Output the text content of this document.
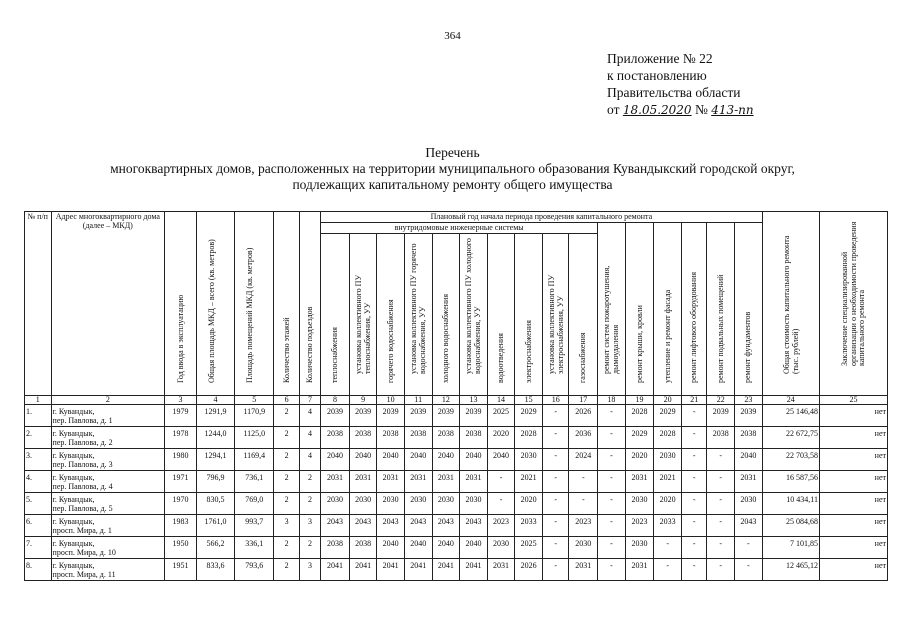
364
Приложение № 22
к постановлению
Правительства области
от 18.05.2020 № 413-пп
Перечень
многоквартирных домов, расположенных на территории муниципального образования Кувандыкский городской округ,
подлежащих капитальному ремонту общего имущества
№ п/п	Адрес многоквартирного дома (далее – МКД)	Год ввода в эксплуатацию	Общая площадь МКД – всего (кв. метров)	Площадь помещений МКД (кв. метров)	Количество этажей	Количество подъездов	Плановый год начала периода проведения капитального ремонта																Общая стоимость капитального ремонта (тыс. рублей)	Заключение специализированной организации о необходимости проведения капитального ремонта

							внутридомовые инженерные системы										ремонт систем пожаротушения, дымоудаления	ремонт крыши, кровли	утепление и ремонт фасада	ремонт лифтового оборудования	ремонт подвальных помещений	ремонт фундаментов		

							теплоснабжения	установка коллективного ПУ теплоснабжения, УУ	горячего водоснабжения	установка коллективного ПУ горячего водоснабжения, УУ	холодного водоснабжения	установка коллективного ПУ холодного водоснабжения, УУ	водоотведения	электроснабжения	установка коллективного ПУ электроснабжения, УУ	газоснабжения								

1	2	3	4	5	6	7	8	9	10	11	12	13	14	15	16	17	18	19	20	21	22	23	24	25
1.	г. Кувандык,
пер. Павлова, д. 1	1979	1291,9	1170,9	2	4	2039	2039	2039	2039	2039	2039	2025	2029	-	2026	-	2028	2029	-	2039	2039	25 146,48	нет
2.	г. Кувандык,
пер. Павлова, д. 2	1978	1244,0	1125,0	2	4	2038	2038	2038	2038	2038	2038	2020	2028	-	2036	-	2029	2028	-	2038	2038	22 672,75	нет
3.	г. Кувандык,
пер. Павлова, д. 3	1980	1294,1	1169,4	2	4	2040	2040	2040	2040	2040	2040	2040	2030	-	2024	-	2020	2030	-	-	2040	22 703,58	нет
4.	г. Кувандык,
пер. Павлова, д. 4	1971	796,9	736,1	2	2	2031	2031	2031	2031	2031	2031	-	2021	-	-	-	2031	2021	-	-	2031	16 587,56	нет
5.	г. Кувандык,
пер. Павлова, д. 5	1970	830,5	769,0	2	2	2030	2030	2030	2030	2030	2030	-	2020	-	-	-	2030	2020	-	-	2030	10 434,11	нет
6.	г. Кувандык,
просп. Мира, д. 1	1983	1761,0	993,7	3	3	2043	2043	2043	2043	2043	2043	2023	2033	-	2023	-	2023	2033	-	-	2043	25 084,68	нет
7.	г. Кувандык,
просп. Мира, д. 10	1950	566,2	336,1	2	2	2038	2038	2040	2040	2040	2040	2030	2025	-	2030	-	2030	-	-	-	-	7 101,85	нет
8.	г. Кувандык,
просп. Мира, д. 11	1951	833,6	793,6	2	3	2041	2041	2041	2041	2041	2041	2031	2026	-	2031	-	2031	-	-	-	-	12 465,12	нет
